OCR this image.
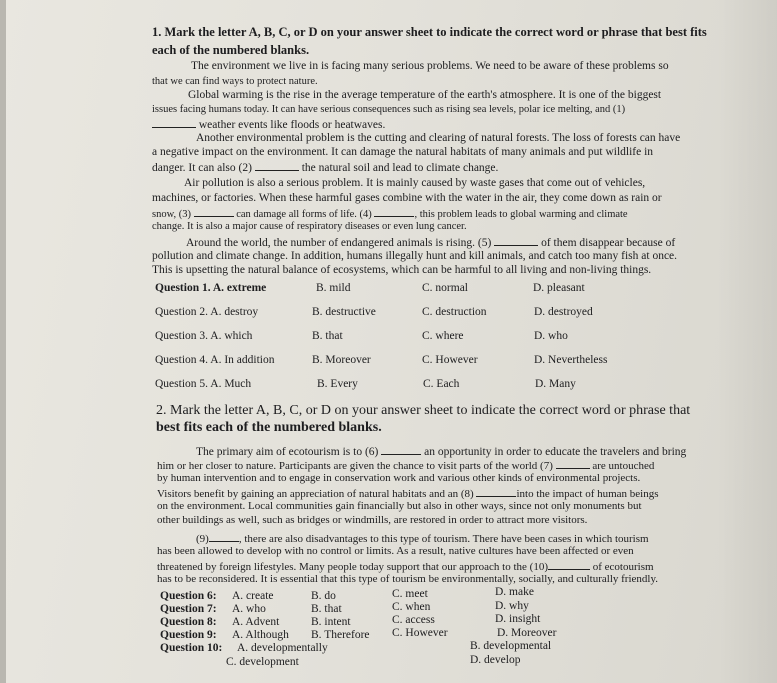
1. Mark the letter A, B, C, or D on your answer sheet to indicate the correct word or phrase that best fits
each of the numbered blanks.
The environment we live in is facing many serious problems. We need to be aware of these problems so
that we can find ways to protect nature.
Global warming is the rise in the average temperature of the earth's atmosphere. It is one of the biggest
issues facing humans today. It can have serious consequences such as rising sea levels, polar ice melting, and (1)
weather events like floods or heatwaves.
Another environmental problem is the cutting and clearing of natural forests. The loss of forests can have
a negative impact on the environment. It can damage the natural habitats of many animals and put wildlife in
danger. It can also (2)	the natural soil and lead to climate change.
Air pollution is also a serious problem. It is mainly caused by waste gases that come out of vehicles,
machines, or factories. When these harmful gases combine with the water in the air, they come down as rain or
snow, (3)	can damage all forms of life. (4)	, this problem leads to global warming and climate
change. It is also a major cause of respiratory diseases or even lung cancer.
Around the world, the number of endangered animals is rising. (5)	of them disappear because of
pollution and climate change. In addition, humans illegally hunt and kill animals, and catch too many fish at once.
This is upsetting the natural balance of ecosystems, which can be harmful to all living and non-living things.
Question 1. A. extreme	B. mild	C. normal	D. pleasant
Question 2. A. destroy	B. destructive	C. destruction	D. destroyed
Question 3. A. which	B. that	C. where	D. who
Question 4. A. In addition	B. Moreover	C. However	D. Nevertheless
Question 5. A. Much	B. Every	C. Each	D. Many
2. Mark the letter A, B, C, or D on your answer sheet to indicate the correct word or phrase that
best fits each of the numbered blanks.
The primary aim of ecotourism is to (6)	an opportunity in order to educate the travelers and bring
him or her closer to nature. Participants are given the chance to visit parts of the world (7)	are untouched
by human intervention and to engage in conservation work and various other kinds of environmental projects.
Visitors benefit by gaining an appreciation of natural habitats and an (8)	into the impact of human beings
on the environment. Local communities gain financially but also in other ways, since not only monuments but
other buildings as well, such as bridges or windmills, are restored in order to attract more visitors.
(9)	, there are also disadvantages to this type of tourism. There have been cases in which tourism
has been allowed to develop with no control or limits. As a result, native cultures have been affected or even
threatened by foreign lifestyles. Many people today support that our approach to the (10)	of ecotourism
has to be reconsidered. It is essential that this type of tourism be environmentally, socially, and culturally friendly.
Question 6: A. create	B. do	C. meet	D. make
Question 7: A. who	B. that	C. when	D. why
Question 8: A. Advent	B. intent	C. access	D. insight
Question 9: A. Although B. Therefore C. However	D. Moreover
Question 10: A. developmentally	B. developmental
C. development	D. develop
